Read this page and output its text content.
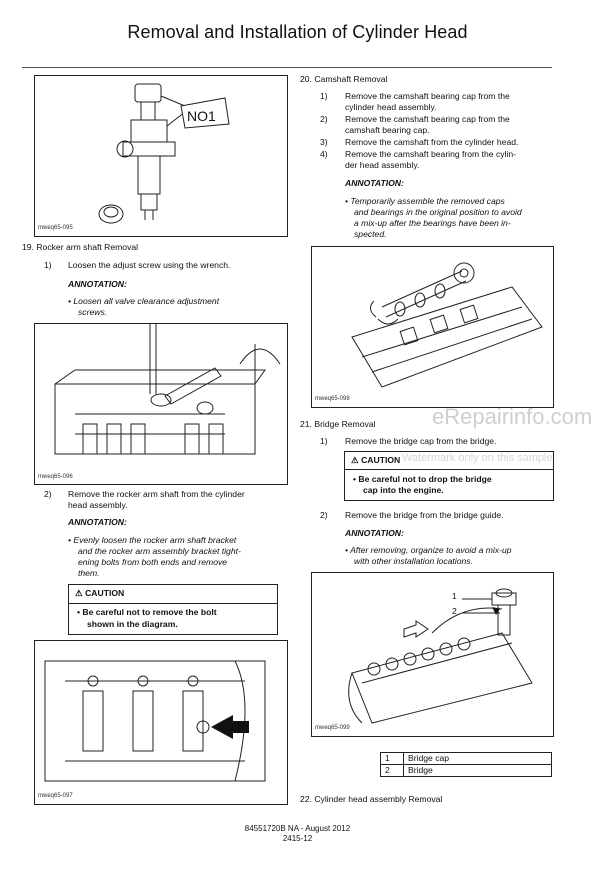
Removal and Installation of Cylinder Head
NO1
mweq65-095
19. Rocker arm shaft Removal
1) Loosen the adjust screw using the wrench.
ANNOTATION:
• Loosen all valve clearance adjustment
screws.
mweq65-096
2) Remove the rocker arm shaft from the cylinder
head assembly.
ANNOTATION:
• Evenly loosen the rocker arm shaft bracket
and the rocker arm assembly bracket tight-
ening bolts from both ends and remove
them.
⚠ CAUTION
• Be careful not to remove the bolt
shown in the diagram.
mweq65-097
20. Camshaft Removal
1) Remove the camshaft bearing cap from the
cylinder head assembly.
2) Remove the camshaft bearing cap from the
camshaft bearing cap.
3) Remove the camshaft from the cylinder head.
4) Remove the camshaft bearing from the cylin-
der head assembly.
ANNOTATION:
• Temporarily assemble the removed caps
and bearings in the original position to avoid
a mix-up after the bearings have been in-
spected.
mweq65-098
eRepairinfo.com
Watermark only on this sample
21. Bridge Removal
1) Remove the bridge cap from the bridge.
⚠ CAUTION
• Be careful not to drop the bridge
cap into the engine.
2) Remove the bridge from the bridge guide.
ANNOTATION:
• After removing, organize to avoid a mix-up
with other installation locations.
1
2
mweq65-099
1	Bridge cap
2	Bridge
22. Cylinder head assembly Removal
84551720B NA - August 2012
2415-12
